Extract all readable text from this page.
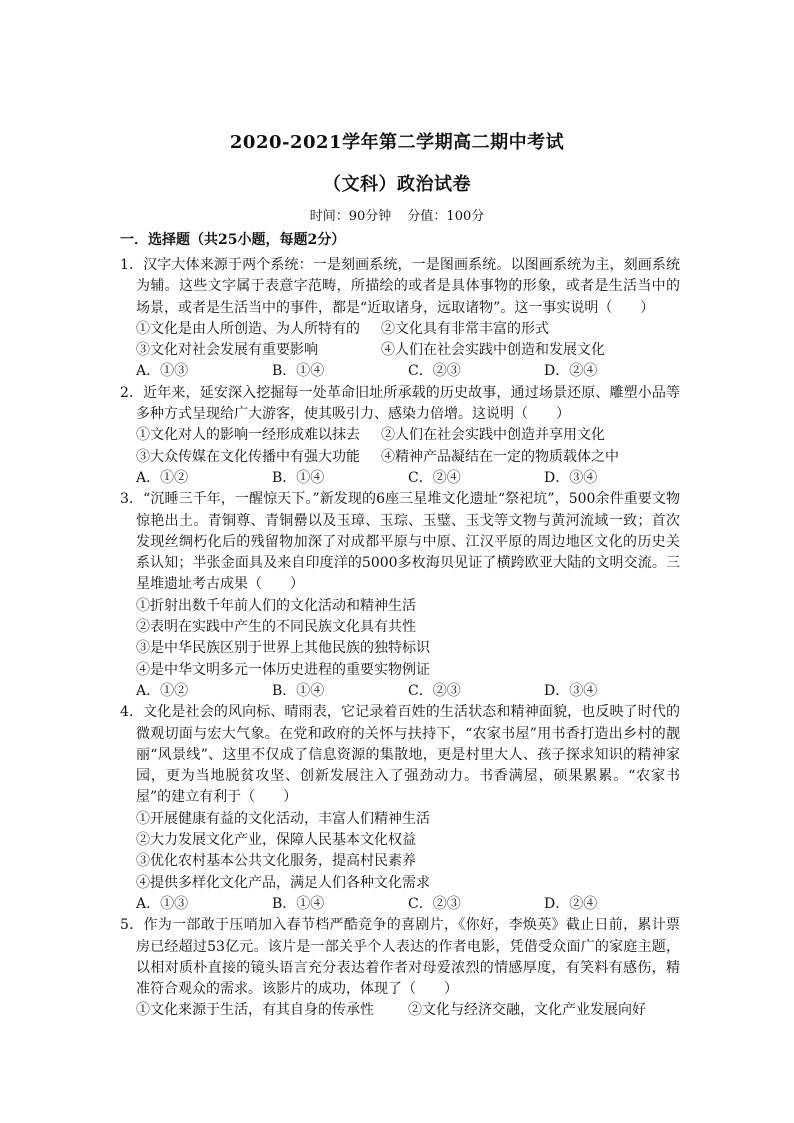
2020-2021学年第二学期高二期中考试
（文科）政治试卷
时间：90分钟 分值：100分
一．选择题（共25小题，每题2分）
1．汉字大体来源于两个系统：一是刻画系统，一是图画系统。以图画系统为主，刻画系统为辅。这些文字属于表意字范畴，所描绘的或者是具体事物的形象，或者是生活当中的场景，或者是生活当中的事件，都是“近取诸身，远取诸物”。这一事实说明（　　）
①文化是由人所创造、为人所特有的	②文化具有非常丰富的形式
③文化对社会发展有重要影响	④人们在社会实践中创造和发展文化
A．①③	B．①④	C．②③	D．②④
2．近年来，延安深入挖掘每一处革命旧址所承载的历史故事，通过场景还原、雕塑小品等多种方式呈现给广大游客，使其吸引力、感染力倍增。这说明（　　）
①文化对人的影响一经形成难以抹去	②人们在社会实践中创造并享用文化
③大众传媒在文化传播中有强大功能	④精神产品凝结在一定的物质载体之中
A．①②	B．①④	C．②④	D．③④
3．“沉睡三千年，一醒惊天下。”新发现的6座三星堆文化遗址“祭祀坑”，500余件重要文物惊艳出土。青铜尊、青铜罍以及玉璋、玉琮、玉璧、玉戈等文物与黄河流域一致；首次发现丝绸朽化后的残留物加深了对成都平原与中原、江汉平原的周边地区文化的历史关系认知；半张金面具及来自印度洋的5000多枚海贝见证了横跨欧亚大陆的文明交流。三星堆遗址考古成果（　　）
①折射出数千年前人们的文化活动和精神生活
②表明在实践中产生的不同民族文化具有共性
③是中华民族区别于世界上其他民族的独特标识
④是中华文明多元一体历史进程的重要实物例证
A．①②	B．①④	C．②③	D．③④
4．文化是社会的风向标、晴雨表，它记录着百姓的生活状态和精神面貌，也反映了时代的微观切面与宏大气象。在党和政府的关怀与扶持下，“农家书屋”用书香打造出乡村的靓丽“风景线”、这里不仅成了信息资源的集散地，更是村里大人、孩子探求知识的精神家园，更为当地脱贫攻坚、创新发展注入了强劲动力。书香满屋，硕果累累。“农家书屋”的建立有利于（　　）
①开展健康有益的文化活动，丰富人们精神生活
②大力发展文化产业，保障人民基本文化权益
③优化农村基本公共文化服务，提高村民素养
④提供多样化文化产品，满足人们各种文化需求
A．①③	B．①④	C．②③	D．②④
5．作为一部敢于压哨加入春节档严酷竞争的喜剧片，《你好，李焕英》截止日前，累计票房已经超过53亿元。该片是一部关乎个人表达的作者电影，凭借受众面广的家庭主题，以相对质朴直接的镜头语言充分表达着作者对母爱浓烈的情感厚度，有笑料有感伤，精准符合观众的需求。该影片的成功，体现了（　　）
①文化来源于生活，有其自身的传承性	②文化与经济交融，文化产业发展向好
